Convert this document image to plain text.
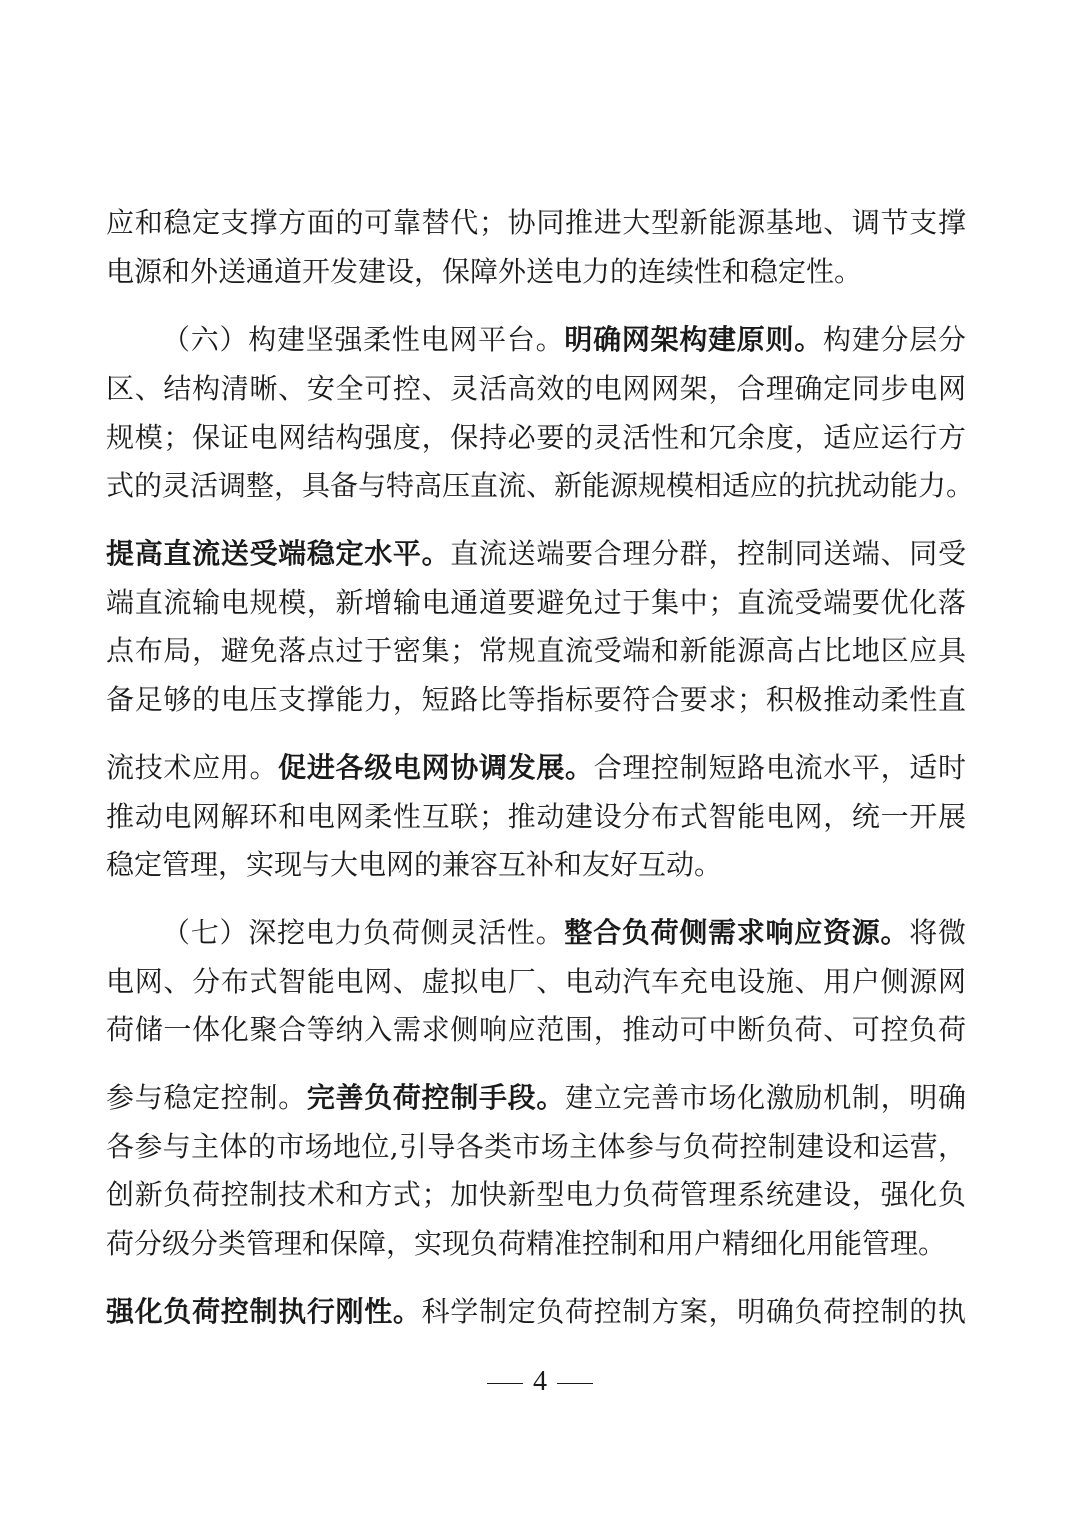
应和稳定支撑方面的可靠替代；协同推进大型新能源基地、调节支撑
电源和外送通道开发建设，保障外送电力的连续性和稳定性。
（六）构建坚强柔性电网平台。明确网架构建原则。构建分层分
区、结构清晰、安全可控、灵活高效的电网网架，合理确定同步电网
规模；保证电网结构强度，保持必要的灵活性和冗余度，适应运行方
式的灵活调整，具备与特高压直流、新能源规模相适应的抗扰动能力。
提高直流送受端稳定水平。直流送端要合理分群，控制同送端、同受
端直流输电规模，新增输电通道要避免过于集中；直流受端要优化落
点布局，避免落点过于密集；常规直流受端和新能源高占比地区应具
备足够的电压支撑能力，短路比等指标要符合要求；积极推动柔性直
流技术应用。促进各级电网协调发展。合理控制短路电流水平，适时
推动电网解环和电网柔性互联；推动建设分布式智能电网，统一开展
稳定管理，实现与大电网的兼容互补和友好互动。
（七）深挖电力负荷侧灵活性。整合负荷侧需求响应资源。将微
电网、分布式智能电网、虚拟电厂、电动汽车充电设施、用户侧源网
荷储一体化聚合等纳入需求侧响应范围，推动可中断负荷、可控负荷
参与稳定控制。完善负荷控制手段。建立完善市场化激励机制，明确
各参与主体的市场地位,引导各类市场主体参与负荷控制建设和运营，
创新负荷控制技术和方式；加快新型电力负荷管理系统建设，强化负
荷分级分类管理和保障，实现负荷精准控制和用户精细化用能管理。
强化负荷控制执行刚性。科学制定负荷控制方案，明确负荷控制的执
4
